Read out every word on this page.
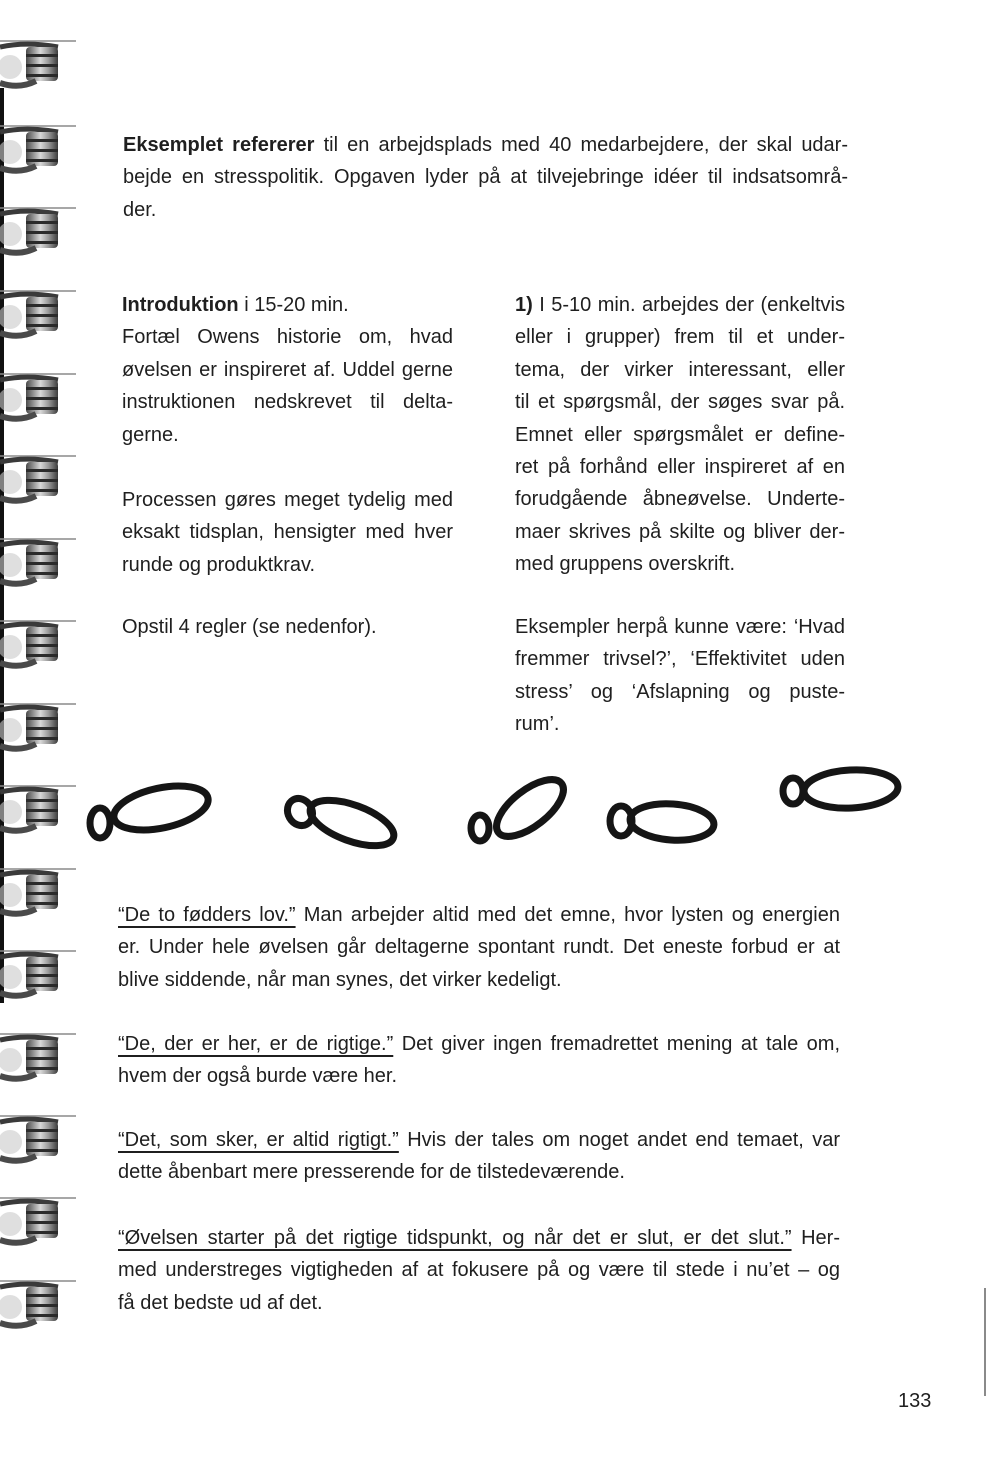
Eksemplet refererer til en arbejdsplads med 40 medarbejdere, der skal udar-
bejde en stresspolitik. Opgaven lyder på at tilvejebringe idéer til indsatsområ-
der.
Introduktion i 15-20 min.
Fortæl Owens historie om, hvad
øvelsen er inspireret af. Uddel gerne
instruktionen nedskrevet til delta-
gerne.
Processen gøres meget tydelig med
eksakt tidsplan, hensigter med hver
runde og produktkrav.
Opstil 4 regler (se nedenfor).
1) I 5-10 min. arbejdes der (enkeltvis
eller i grupper) frem til et under-
tema, der virker interessant, eller
til et spørgsmål, der søges svar på.
Emnet eller spørgsmålet er define-
ret på forhånd eller inspireret af en
forudgående åbneøvelse. Underte-
maer skrives på skilte og bliver der-
med gruppens overskrift.
Eksempler herpå kunne være: ‘Hvad
fremmer trivsel?’, ‘Effektivitet uden
stress’ og ‘Afslapning og puste-
rum’.
“De to fødders lov.” Man arbejder altid med det emne, hvor lysten og energien
er. Under hele øvelsen går deltagerne spontant rundt. Det eneste forbud er at
blive siddende, når man synes, det virker kedeligt.
“De, der er her, er de rigtige.” Det giver ingen fremadrettet mening at tale om,
hvem der også burde være her.
“Det, som sker, er altid rigtigt.” Hvis der tales om noget andet end temaet, var
dette åbenbart mere presserende for de tilstedeværende.
“Øvelsen starter på det rigtige tidspunkt, og når det er slut, er det slut.” Her-
med understreges vigtigheden af at fokusere på og være til stede i nu’et – og
få det bedste ud af det.
133
